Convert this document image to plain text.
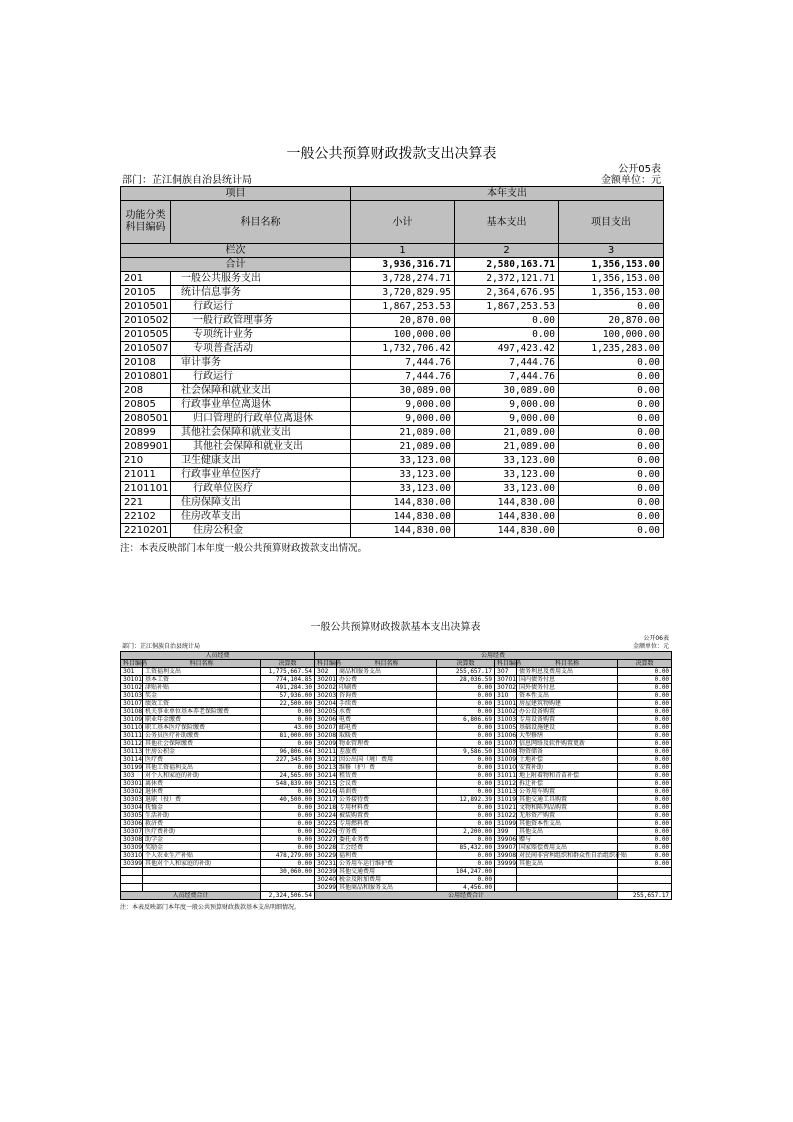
一般公共预算财政拨款支出决算表
公开05表
部门：芷江侗族自治县统计局	金额单位：元
项目		本年支出		
功能分类科目编码	科目名称	小计	基本支出	项目支出
栏次		1	2	3
合计		3,936,316.71	2,580,163.71	1,356,153.00
201	一般公共服务支出	3,728,274.71	2,372,121.71	1,356,153.00
20105	统计信息事务	3,720,829.95	2,364,676.95	1,356,153.00
2010501	行政运行	1,867,253.53	1,867,253.53	0.00
2010502	一般行政管理事务	20,870.00	0.00	20,870.00
2010505	专项统计业务	100,000.00	0.00	100,000.00
2010507	专项普查活动	1,732,706.42	497,423.42	1,235,283.00
20108	审计事务	7,444.76	7,444.76	0.00
2010801	行政运行	7,444.76	7,444.76	0.00
208	社会保障和就业支出	30,089.00	30,089.00	0.00
20805	行政事业单位离退休	9,000.00	9,000.00	0.00
2080501	归口管理的行政单位离退休	9,000.00	9,000.00	0.00
20899	其他社会保障和就业支出	21,089.00	21,089.00	0.00
2089901	其他社会保障和就业支出	21,089.00	21,089.00	0.00
210	卫生健康支出	33,123.00	33,123.00	0.00
21011	行政事业单位医疗	33,123.00	33,123.00	0.00
2101101	行政单位医疗	33,123.00	33,123.00	0.00
221	住房保障支出	144,830.00	144,830.00	0.00
22102	住房改革支出	144,830.00	144,830.00	0.00
2210201	住房公积金	144,830.00	144,830.00	0.00
注：本表反映部门本年度一般公共预算财政拨款支出情况。
一般公共预算财政拨款基本支出决算表
公开06表
部门：芷江侗族自治县统计局	金额单位：元
人员经费			公用经费					
科目编码	科目名称	决算数	科目编码	科目名称	决算数	科目编码	科目名称	决算数
301	工资福利支出	1,775,667.54	302	商品和服务支出	255,657.17	307	债务利息及费用支出	0.00
30101	基本工资	774,104.85	30201	办公费	28,036.59	30701	国内债务付息	0.00
30102	津贴补贴	491,284.30	30202	印刷费	0.00	30702	国外债务付息	0.00
30103	奖金	57,936.00	30203	咨询费	0.00	310	资本性支出	0.00
30107	绩效工资	22,500.00	30204	手续费	0.00	31001	房屋建筑物购建	0.00
30108	机关事业单位基本养老保险缴费	0.00	30205	水费	0.00	31002	办公设备购置	0.00
30109	职业年金缴费	0.00	30206	电费	6,806.69	31003	专用设备购置	0.00
30110	职工基本医疗保险缴费	43.00	30207	邮电费	0.00	31005	基础设施建设	0.00
30111	公务员医疗补助缴费	81,000.00	30208	取暖费	0.00	31006	大型修缮	0.00
30112	其他社会保障缴费	0.00	30209	物业管理费	0.00	31007	信息网络及软件购置更新	0.00
30113	住房公积金	96,806.64	30211	差旅费	9,586.50	31008	物资储备	0.00
30114	医疗费	227,345.00	30212	因公出国（境）费用	0.00	31009	土地补偿	0.00
30199	其他工资福利支出	0.00	30213	维修（护）费	0.00	31010	安置补助	0.00
303	对个人和家庭的补助	24,565.00	30214	租赁费	0.00	31011	地上附着物和青苗补偿	0.00
30301	离休费	548,839.00	30215	会议费	0.00	31012	拆迁补偿	0.00
30302	退休费	0.00	30216	培训费	0.00	31013	公务用车购置	0.00
30303	退职（役）费	40,500.00	30217	公务接待费	12,892.39	31019	其他交通工具购置	0.00
30304	抚恤金	0.00	30218	专用材料费	0.00	31021	文物和陈列品购置	0.00
30305	生活补助	0.00	30224	被装购置费	0.00	31022	无形资产购置	0.00
30306	救济费	0.00	30225	专用燃料费	0.00	31099	其他资本性支出	0.00
30307	医疗费补助	0.00	30226	劳务费	2,200.00	399	其他支出	0.00
30308	助学金	0.00	30227	委托业务费	0.00	39906	赠与	0.00
30309	奖励金	0.00	30228	工会经费	85,432.00	39907	国家赔偿费用支出	0.00
30310	个人农业生产补贴	478,279.00	30229	福利费	0.00	39908	对民间非营利组织和群众性自治组织补贴	0.00
30399	其他对个人和家庭的补助	0.00	30231	公务用车运行维护费	0.00	39999	其他支出	0.00
		30,060.00	30239	其他交通费用	104,247.00			
			30240	税金及附加费用	0.00			
			30299	其他商品和服务支出	4,456.00			
人员经费合计		2,324,506.54	公用经费合计					255,657.17
注：本表反映部门本年度一般公共预算财政拨款基本支出明细情况。
